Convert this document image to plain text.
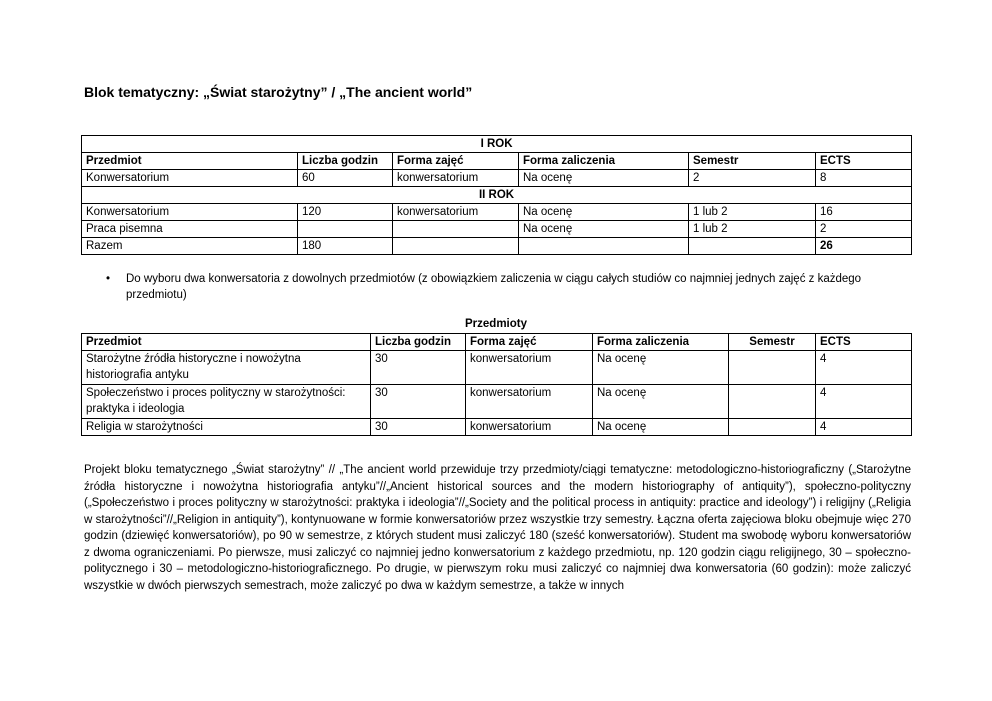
Blok tematyczny: „Świat starożytny” / „The ancient world”
I ROK					
Przedmiot	Liczba godzin	Forma zajęć	Forma zaliczenia	Semestr	ECTS
Konwersatorium	60	konwersatorium	Na ocenę	2	8
II ROK					
Konwersatorium	120	konwersatorium	Na ocenę	1 lub 2	16
Praca pisemna			Na ocenę	1 lub 2	2
Razem	180				26
• Do wyboru dwa konwersatoria z dowolnych przedmiotów (z obowiązkiem zaliczenia w ciągu całych studiów co najmniej jednych zajęć z każdego przedmiotu)
Przedmioty
Przedmiot	Liczba godzin	Forma zajęć	Forma zaliczenia	Semestr	ECTS
Starożytne źródła historyczne i nowożytna historiografia antyku	30	konwersatorium	Na ocenę		4
Społeczeństwo i proces polityczny w starożytności: praktyka i ideologia	30	konwersatorium	Na ocenę		4
Religia w starożytności	30	konwersatorium	Na ocenę		4
Projekt bloku tematycznego „Świat starożytny” // „The ancient world przewiduje trzy przedmioty/ciągi tematyczne: metodologiczno-historiograficzny („Starożytne źródła historyczne i nowożytna historiografia antyku”//„Ancient historical sources and the modern historiography of antiquity”), społeczno-polityczny („Społeczeństwo i proces polityczny w starożytności: praktyka i ideologia”//„Society and the political process in antiquity: practice and ideology”) i religijny („Religia w starożytności”//„Religion in antiquity”), kontynuowane w formie konwersatoriów przez wszystkie trzy semestry. Łączna oferta zajęciowa bloku obejmuje więc 270 godzin (dziewięć konwersatoriów), po 90 w semestrze, z których student musi zaliczyć 180 (sześć konwersatoriów). Student ma swobodę wyboru konwersatoriów z dwoma ograniczeniami. Po pierwsze, musi zaliczyć co najmniej jedno konwersatorium z każdego przedmiotu, np. 120 godzin ciągu religijnego, 30 – społeczno-politycznego i 30 – metodologiczno-historiograficznego. Po drugie, w pierwszym roku musi zaliczyć co najmniej dwa konwersatoria (60 godzin): może zaliczyć wszystkie w dwóch pierwszych semestrach, może zaliczyć po dwa w każdym semestrze, a także w innych
